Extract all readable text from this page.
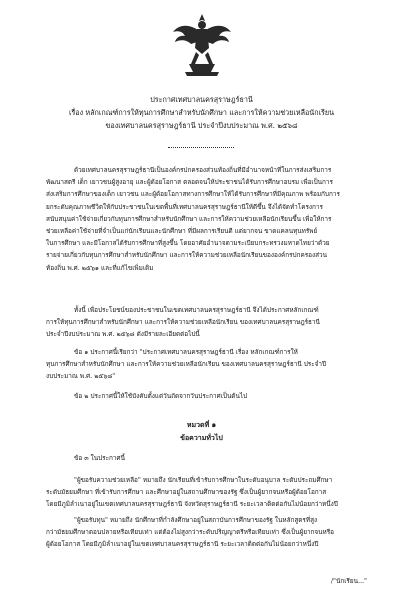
ประกาศเทศบาลนครสุราษฎร์ธานี
เรื่อง หลักเกณฑ์การให้ทุนการศึกษาสำหรับนักศึกษา และการให้ความช่วยเหลือนักเรียน
ของเทศบาลนครสุราษฎร์ธานี ประจำปีงบประมาณ พ.ศ. ๒๕๖๘
ด้วยเทศบาลนครสุราษฎร์ธานีเป็นองค์กรปกครองส่วนท้องถิ่นที่มีอำนาจหน้าที่ในการส่งเสริมการ
พัฒนาสตรี เด็ก เยาวชนผู้สูงอายุ และผู้ด้อยโอกาส ตลอดจนให้ประชาชนได้รับการศึกษาอบรม เพื่อเป็นการ
ส่งเสริมการศึกษาของเด็ก เยาวชน และผู้ด้อยโอกาสทางการศึกษาให้ได้รับการศึกษาที่มีคุณภาพ พร้อมกับการ
ยกระดับคุณภาพชีวิตให้กับประชาชนในเขตพื้นที่เทศบาลนครสุราษฎร์ธานีให้ดีขึ้น จึงได้จัดทำโครงการ
สนับสนุนค่าใช้จ่ายเกี่ยวกับทุนการศึกษาสำหรับนักศึกษา และการให้ความช่วยเหลือนักเรียนขึ้น เพื่อให้การ
ช่วยเหลือค่าใช้จ่ายที่จำเป็นแก่นักเรียนและนักศึกษา ที่มีผลการเรียนดี แต่ยากจน ขาดแคลนทุนทรัพย์
ในการศึกษา และมีโอกาสได้รับการศึกษาที่สูงขึ้น โดยอาศัยอำนาจตามระเบียบกระทรวงมหาดไทยว่าด้วย
รายจ่ายเกี่ยวกับทุนการศึกษาสำหรับนักศึกษา และการให้ความช่วยเหลือนักเรียนขององค์กรปกครองส่วน
ท้องถิ่น พ.ศ. ๒๕๖๑ และที่แก้ไขเพิ่มเติม
ทั้งนี้ เพื่อประโยชน์ของประชาชนในเขตเทศบาลนครสุราษฎร์ธานี จึงได้ประกาศหลักเกณฑ์
การให้ทุนการศึกษาสำหรับนักศึกษา และการให้ความช่วยเหลือนักเรียน ของเทศบาลนครสุราษฎร์ธานี
ประจำปีงบประมาณ พ.ศ. ๒๕๖๘ ดังมีรายละเอียดต่อไปนี้
ข้อ ๑ ประกาศนี้เรียกว่า "ประกาศเทศบาลนครสุราษฎร์ธานี เรื่อง หลักเกณฑ์การให้
ทุนการศึกษาสำหรับนักศึกษา และการให้ความช่วยเหลือนักเรียน ของเทศบาลนครสุราษฎร์ธานี ประจำปี
งบประมาณ พ.ศ. ๒๕๖๘"
ข้อ ๒ ประกาศนี้ให้ใช้บังคับตั้งแต่วันถัดจากวันประกาศเป็นต้นไป
หมวดที่ ๑
ข้อความทั่วไป
ข้อ ๓ ในประกาศนี้
"ผู้ขอรับความช่วยเหลือ" หมายถึง นักเรียนที่เข้ารับการศึกษาในระดับอนุบาล ระดับประถมศึกษา
ระดับมัธยมศึกษา ที่เข้ารับการศึกษา และศึกษาอยู่ในสถานศึกษาของรัฐ ซึ่งเป็นผู้ยากจนหรือผู้ด้อยโอกาส
โดยมีภูมิลำเนาอยู่ในเขตเทศบาลนครสุราษฎร์ธานี จังหวัดสุราษฎร์ธานี ระยะเวลาติดต่อกันไม่น้อยกว่าหนึ่งปี
"ผู้ขอรับทุน" หมายถึง นักศึกษาที่กำลังศึกษาอยู่ในสถาบันการศึกษาของรัฐ ในหลักสูตรที่สูง
กว่ามัธยมศึกษาตอนปลายหรือเทียบเท่า แต่ต้องไม่สูงกว่าระดับปริญญาตรีหรือเทียบเท่า ซึ่งเป็นผู้ยากจนหรือ
ผู้ด้อยโอกาส โดยมีภูมิลำเนาอยู่ในเขตเทศบาลนครสุราษฎร์ธานี ระยะเวลาติดต่อกันไม่น้อยกว่าหนึ่งปี
/"นักเรียน..."
